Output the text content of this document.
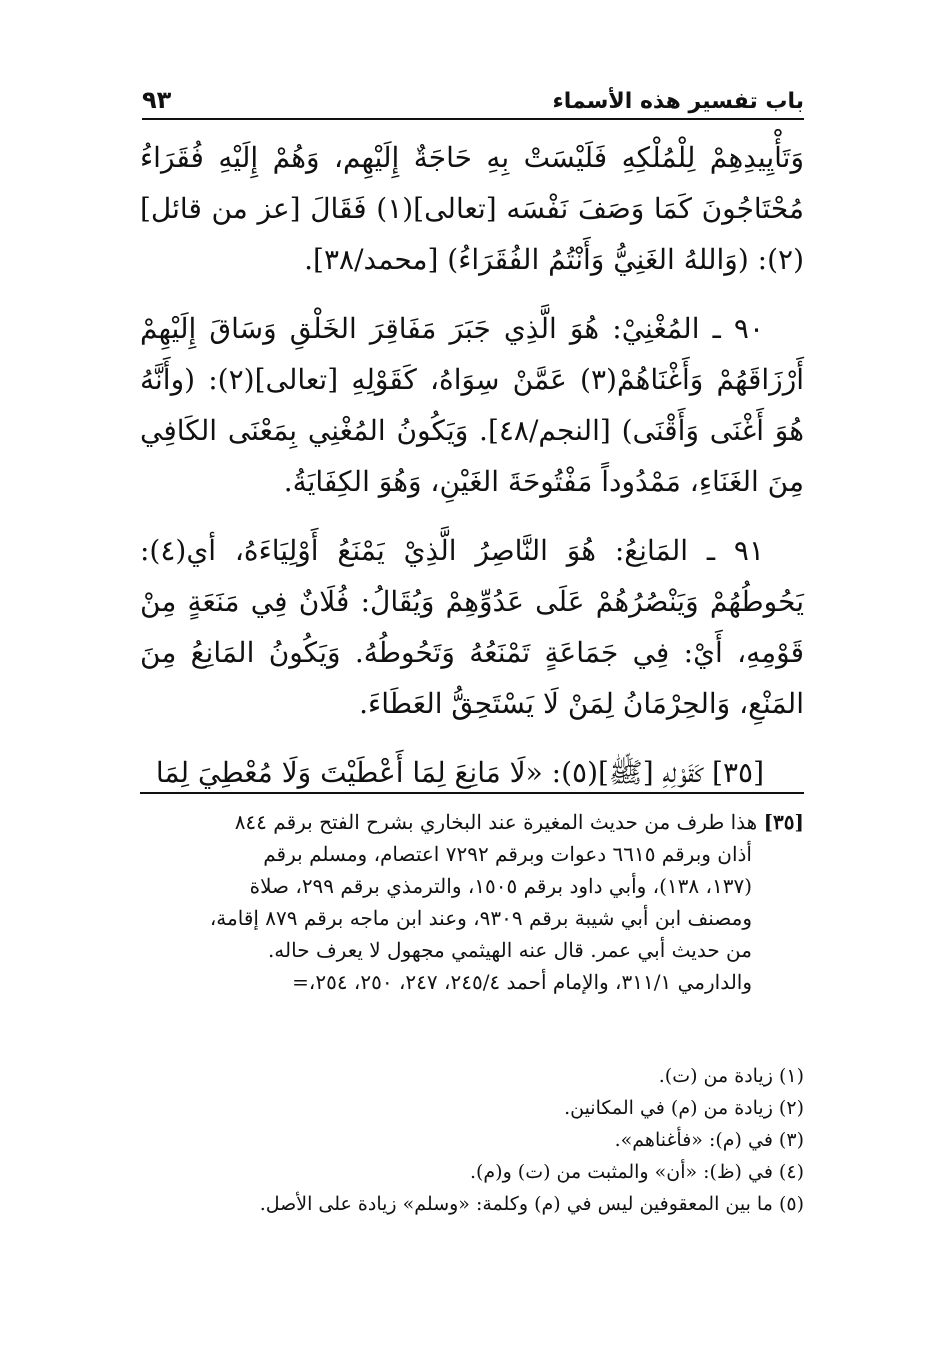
باب تفسير هذه الأسماء
٩٣

وَتَأْيِيدِهِمْ لِلْمُلْكِهِ فَلَيْسَتْ بِهِ حَاجَةٌ إِلَيْهِم، وَهُمْ إِلَيْهِ فُقَرَاءُ مُحْتَاجُونَ كَمَا وَصَفَ نَفْسَه [تعالى](١) فَقَالَ [عز من قائل](٢): (وَاللهُ الغَنِيُّ وَأَنْتُمُ الفُقَرَاءُ) [محمد/٣٨].

٩٠ ـ المُغْنِيْ: هُوَ الَّذِي جَبَرَ مَفَاقِرَ الخَلْقِ وَسَاقَ إِلَيْهِمْ أَرْزَاقَهُمْ وَأَغْنَاهُمْ(٣) عَمَّنْ سِوَاهُ، كَقَوْلِهِ [تعالى](٢): (وأَنَّهُ هُوَ أَغْنَى وَأَقْنَى) [النجم/٤٨]. وَيَكُونُ المُغْنِي بِمَعْنَى الكَافِي مِنَ الغَنَاءِ، مَمْدُوداً مَفْتُوحَةَ الغَيْنِ، وَهُوَ الكِفَايَةُ.

٩١ ـ المَانِعُ: هُوَ النَّاصِرُ الَّذِيْ يَمْنَعُ أَوْلِيَاءَهُ، أي(٤): يَحُوطُهُمْ وَيَنْصُرُهُمْ عَلَى عَدُوِّهِمْ وَيُقَالُ: فُلَانٌ فِي مَنَعَةٍ مِنْ قَوْمِهِ، أَيْ: فِي جَمَاعَةٍ تَمْنَعُهُ وَتَحُوطُهُ. وَيَكُونُ المَانِعُ مِنَ المَنْعِ، وَالحِرْمَانُ لِمَنْ لَا يَسْتَحِقُّ العَطَاءَ.

[٣٥] كَقَوْلِهِ [ﷺ](٥): «لَا مَانِعَ لِمَا أَعْطَيْتَ وَلَا مُعْطِيَ لِمَا

[٣٥] هذا طرف من حديث المغيرة عند البخاري بشرح الفتح برقم ٨٤٤

أذان وبرقم ٦٦١٥ دعوات وبرقم ٧٢٩٢ اعتصام، ومسلم برقم

(١٣٧، ١٣٨)، وأبي داود برقم ١٥٠٥، والترمذي برقم ٢٩٩، صلاة

ومصنف ابن أبي شيبة برقم ٩٣٠٩، وعند ابن ماجه برقم ٨٧٩ إقامة،

من حديث أبي عمر. قال عنه الهيثمي مجهول لا يعرف حاله.

والدارمي ٣١١/١، والإمام أحمد ٢٤٥/٤، ٢٤٧، ٢٥٠، ٢٥٤،=

(١) زيادة من (ت).

(٢) زيادة من (م) في المكانين.

(٣) في (م): «فأغناهم».

(٤) في (ظ): «أن» والمثبت من (ت) و(م).

(٥) ما بين المعقوفين ليس في (م) وكلمة: «وسلم» زيادة على الأصل.
